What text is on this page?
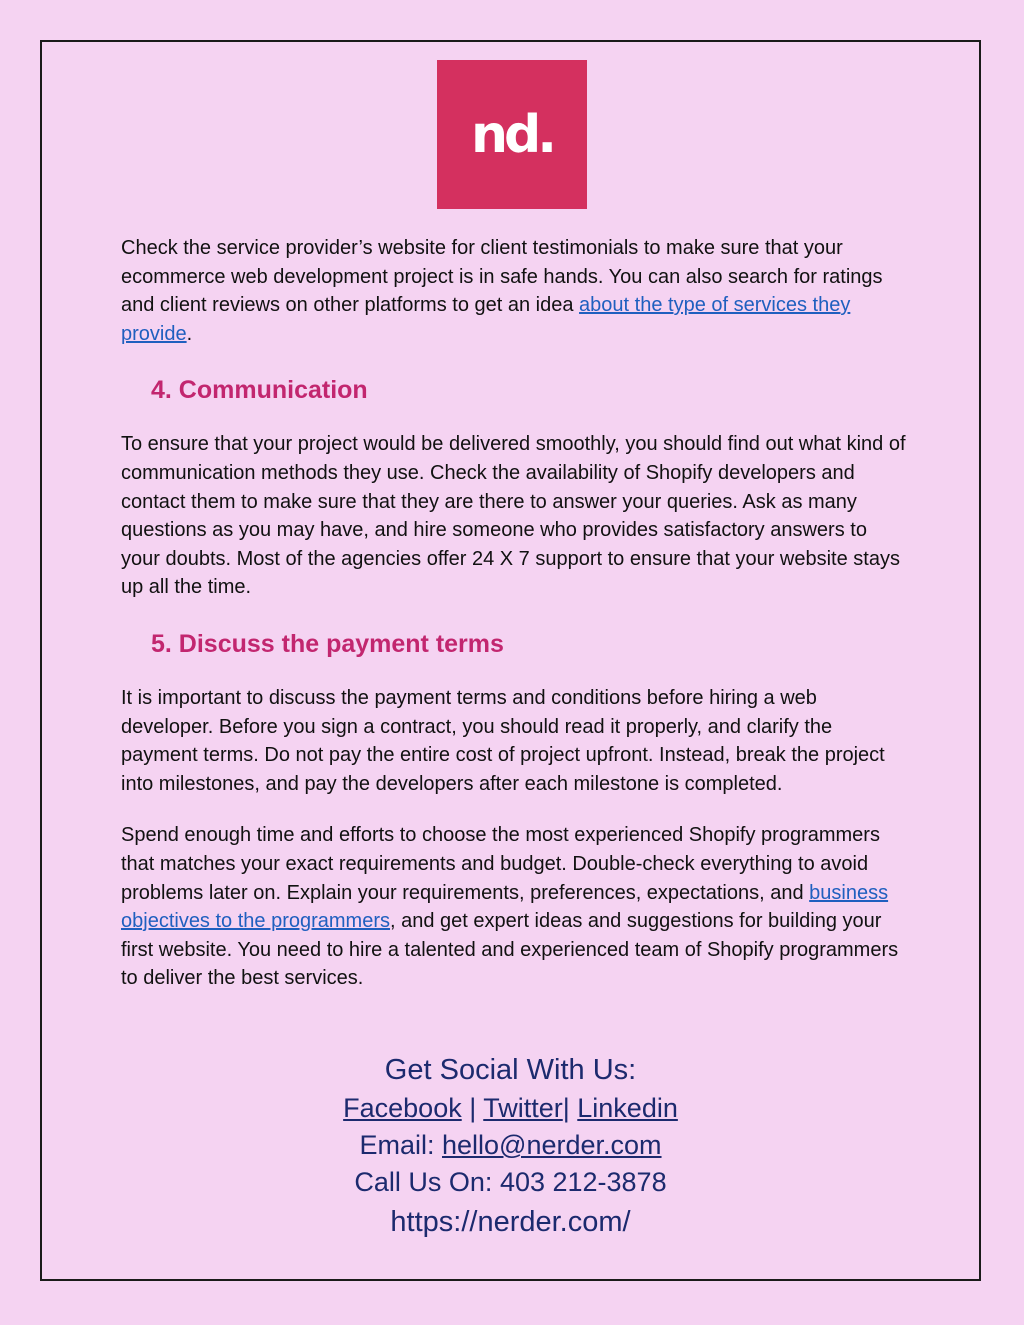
nd.

Check the service provider’s website for client testimonials to make sure that your ecommerce web development project is in safe hands. You can also search for ratings and client reviews on other platforms to get an idea about the type of services they provide.

4. Communication

To ensure that your project would be delivered smoothly, you should find out what kind of communication methods they use. Check the availability of Shopify developers and contact them to make sure that they are there to answer your queries. Ask as many questions as you may have, and hire someone who provides satisfactory answers to your doubts. Most of the agencies offer 24 X 7 support to ensure that your website stays up all the time.

5. Discuss the payment terms

It is important to discuss the payment terms and conditions before hiring a web developer. Before you sign a contract, you should read it properly, and clarify the payment terms. Do not pay the entire cost of project upfront. Instead, break the project into milestones, and pay the developers after each milestone is completed.

Spend enough time and efforts to choose the most experienced Shopify programmers that matches your exact requirements and budget. Double-check everything to avoid problems later on. Explain your requirements, preferences, expectations, and business objectives to the programmers, and get expert ideas and suggestions for building your first website. You need to hire a talented and experienced team of Shopify programmers to deliver the best services.

Get Social With Us:
Facebook | Twitter| Linkedin
Email: hello@nerder.com
Call Us On: 403 212-3878
https://nerder.com/
